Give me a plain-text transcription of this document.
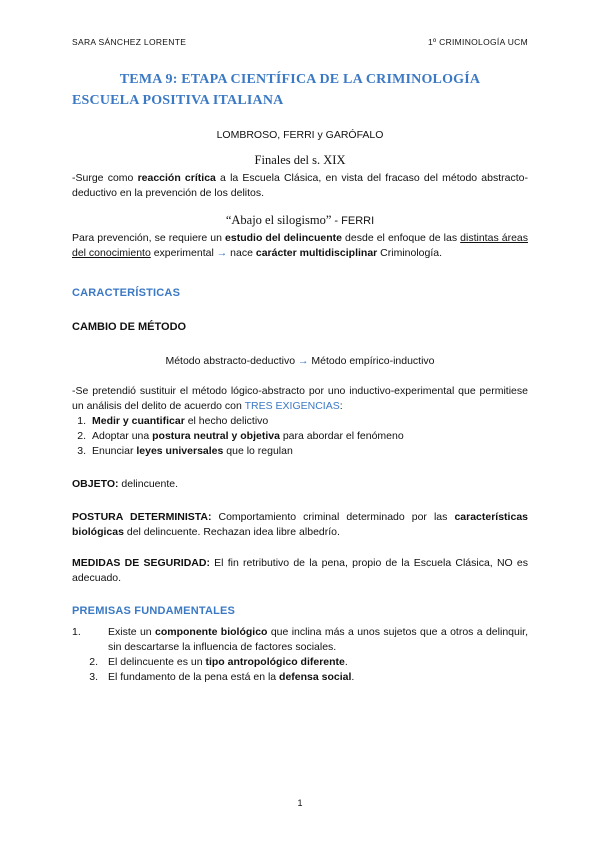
SARA SÁNCHEZ LORENTE	1º CRIMINOLOGÍA UCM
TEMA 9: ETAPA CIENTÍFICA DE LA CRIMINOLOGÍA
ESCUELA POSITIVA ITALIANA
LOMBROSO, FERRI y GARÓFALO
Finales del s. XIX

-Surge como reacción crítica a la Escuela Clásica, en vista del fracaso del método abstracto-deductivo en la prevención de los delitos.

“Abajo el silogismo” - FERRI

Para prevención, se requiere un estudio del delincuente desde el enfoque de las distintas áreas del conocimiento experimental → nace carácter multidisciplinar Criminología.

CARACTERÍSTICAS
CAMBIO DE MÉTODO

Método abstracto-deductivo → Método empírico-inductivo

-Se pretendió sustituir el método lógico-abstracto por uno inductivo-experimental que permitiese un análisis del delito de acuerdo con TRES EXIGENCIAS:

1. Medir y cuantificar el hecho delictivo
2. Adoptar una postura neutral y objetiva para abordar el fenómeno
3. Enunciar leyes universales que lo regulan

OBJETO: delincuente.

POSTURA DETERMINISTA: Comportamiento criminal determinado por las características biológicas del delincuente. Rechazan idea libre albedrío.

MEDIDAS DE SEGURIDAD: El fin retributivo de la pena, propio de la Escuela Clásica, NO es adecuado.

PREMISAS FUNDAMENTALES
1.	Existe un componente biológico que inclina más a unos sujetos que a otros a delinquir, sin descartarse la influencia de factores sociales.
2. El delincuente es un tipo antropológico diferente.
3. El fundamento de la pena está en la defensa social.
1
